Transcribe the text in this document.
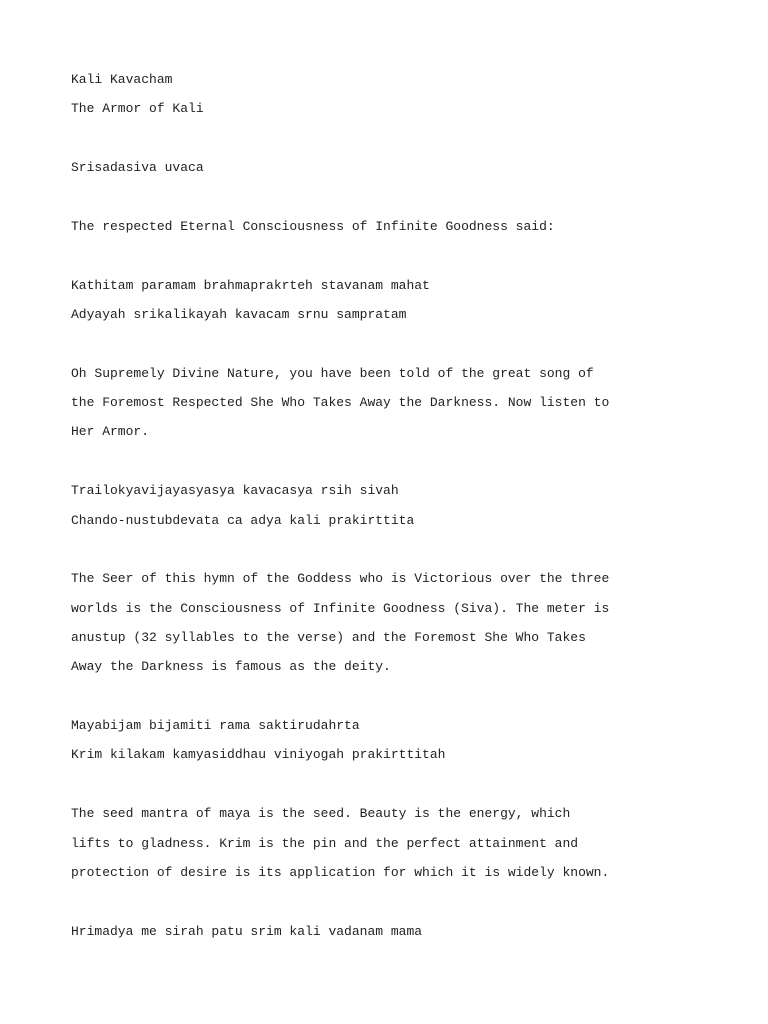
Kali Kavacham
The Armor of Kali
Srisadasiva uvaca
The respected Eternal Consciousness of Infinite Goodness said:
Kathitam paramam brahmaprakrteh stavanam mahat
Adyayah srikalikayah kavacam srnu sampratam
Oh Supremely Divine Nature, you have been told of the great song of
the Foremost Respected She Who Takes Away the Darkness. Now listen to
Her Armor.
Trailokyavijayasyasya kavacasya rsih sivah
Chando-nustubdevata ca adya kali prakirttita
The Seer of this hymn of the Goddess who is Victorious over the three
worlds is the Consciousness of Infinite Goodness (Siva). The meter is
anustup (32 syllables to the verse) and the Foremost She Who Takes
Away the Darkness is famous as the deity.
Mayabijam bijamiti rama saktirudahrta
Krim kilakam kamyasiddhau viniyogah prakirttitah
The seed mantra of maya is the seed. Beauty is the energy, which
lifts to gladness. Krim is the pin and the perfect attainment and
protection of desire is its application for which it is widely known.
Hrimadya me sirah patu srim kali vadanam mama
